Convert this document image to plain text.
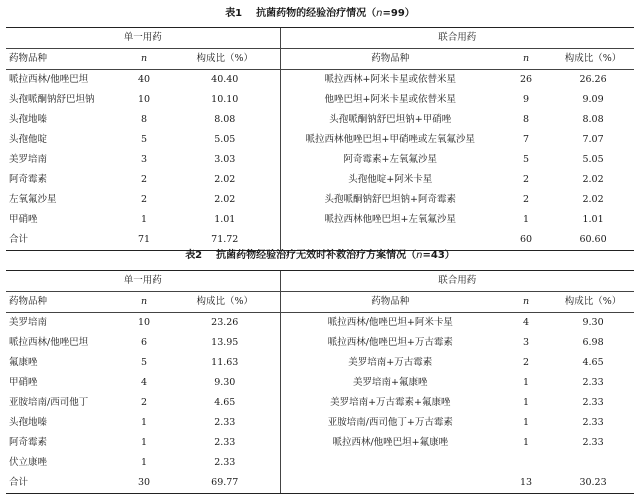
表1 抗菌药物的经验治疗情况（n=99）
单一用药			联合用药		
药物品种	n	构成比（%）	药物品种	n	构成比（%）
哌拉西林/他唑巴坦	40	40.40	哌拉西林+阿米卡星或依替米星	26	26.26
头孢哌酮钠舒巴坦钠	10	10.10	他唑巴坦+阿米卡星或依替米星	9	9.09
头孢地嗪	8	8.08	头孢哌酮钠舒巴坦钠+甲硝唑	8	8.08
头孢他啶	5	5.05	哌拉西林他唑巴坦+甲硝唑或左氧氟沙星	7	7.07
美罗培南	3	3.03	阿奇霉素+左氧氟沙星	5	5.05
阿奇霉素	2	2.02	头孢他啶+阿米卡星	2	2.02
左氧氟沙星	2	2.02	头孢哌酮钠舒巴坦钠+阿奇霉素	2	2.02
甲硝唑	1	1.01	哌拉西林他唑巴坦+左氧氟沙星	1	1.01
合计	71	71.72		60	60.60
表2 抗菌药物经验治疗无效时补救治疗方案情况（n=43）
单一用药			联合用药		
药物品种	n	构成比（%）	药物品种	n	构成比（%）
美罗培南	10	23.26	哌拉西林/他唑巴坦+阿米卡星	4	9.30
哌拉西林/他唑巴坦	6	13.95	哌拉西林/他唑巴坦+万古霉素	3	6.98
氟康唑	5	11.63	美罗培南+万古霉素	2	4.65
甲硝唑	4	9.30	美罗培南+氟康唑	1	2.33
亚胺培南/西司他丁	2	4.65	美罗培南+万古霉素+氟康唑	1	2.33
头孢地嗪	1	2.33	亚胺培南/西司他丁+万古霉素	1	2.33
阿奇霉素	1	2.33	哌拉西林/他唑巴坦+氟康唑	1	2.33
伏立康唑	1	2.33			
合计	30	69.77		13	30.23
